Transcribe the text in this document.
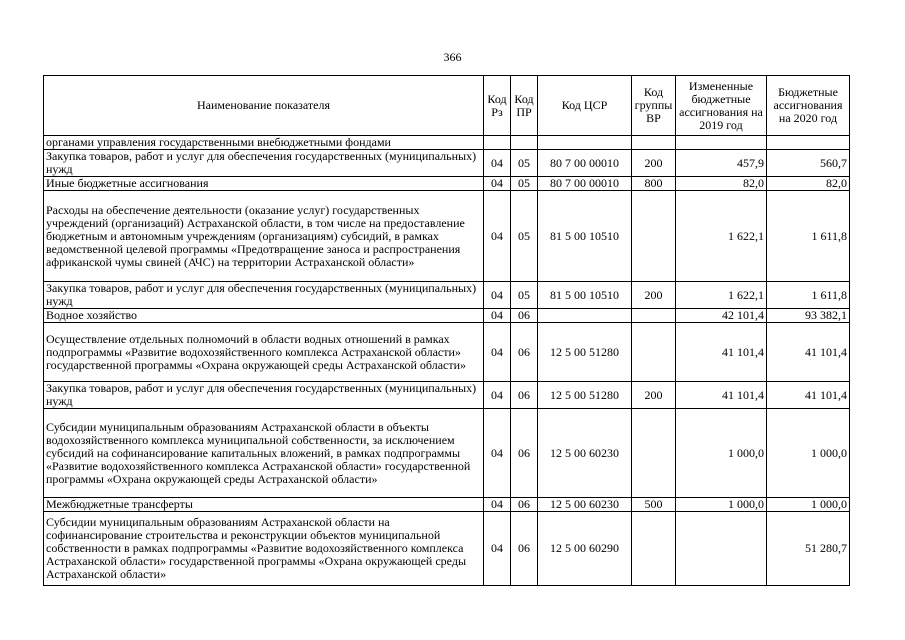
366
Наименование показателя	Код Рз	Код ПР	Код ЦСР	Код группы ВР	Измененные бюджетные ассигнования на 2019 год	Бюджетные ассигнования на 2020 год
органами управления государственными внебюджетными фондами						
Закупка товаров, работ и услуг для обеспечения государственных (муниципальных) нужд	04	05	80 7 00 00010	200	457,9	560,7
Иные бюджетные ассигнования	04	05	80 7 00 00010	800	82,0	82,0
Расходы на обеспечение деятельности (оказание услуг) государственных учреждений (организаций) Астраханской области, в том числе на предоставление бюджетным и автономным учреждениям (организациям) субсидий, в рамках ведомственной целевой программы «Предотвращение заноса и распространения африканской чумы свиней (АЧС) на территории Астраханской области»	04	05	81 5 00 10510		1 622,1	1 611,8
Закупка товаров, работ и услуг для обеспечения государственных (муниципальных) нужд	04	05	81 5 00 10510	200	1 622,1	1 611,8
Водное хозяйство	04	06			42 101,4	93 382,1
Осуществление отдельных полномочий в области водных отношений в рамках подпрограммы «Развитие водохозяйственного комплекса Астраханской области» государственной программы «Охрана окружающей среды Астраханской области»	04	06	12 5 00 51280		41 101,4	41 101,4
Закупка товаров, работ и услуг для обеспечения государственных (муниципальных) нужд	04	06	12 5 00 51280	200	41 101,4	41 101,4
Субсидии муниципальным образованиям Астраханской области в объекты водохозяйственного комплекса муниципальной собственности, за исключением субсидий на софинансирование капитальных вложений, в рамках подпрограммы «Развитие водохозяйственного комплекса Астраханской области» государственной программы «Охрана окружающей среды Астраханской области»	04	06	12 5 00 60230		1 000,0	1 000,0
Межбюджетные трансферты	04	06	12 5 00 60230	500	1 000,0	1 000,0
Субсидии муниципальным образованиям Астраханской области на софинансирование строительства и реконструкции объектов муниципальной собственности в рамках подпрограммы «Развитие водохозяйственного комплекса Астраханской области» государственной программы «Охрана окружающей среды Астраханской области»	04	06	12 5 00 60290			51 280,7
